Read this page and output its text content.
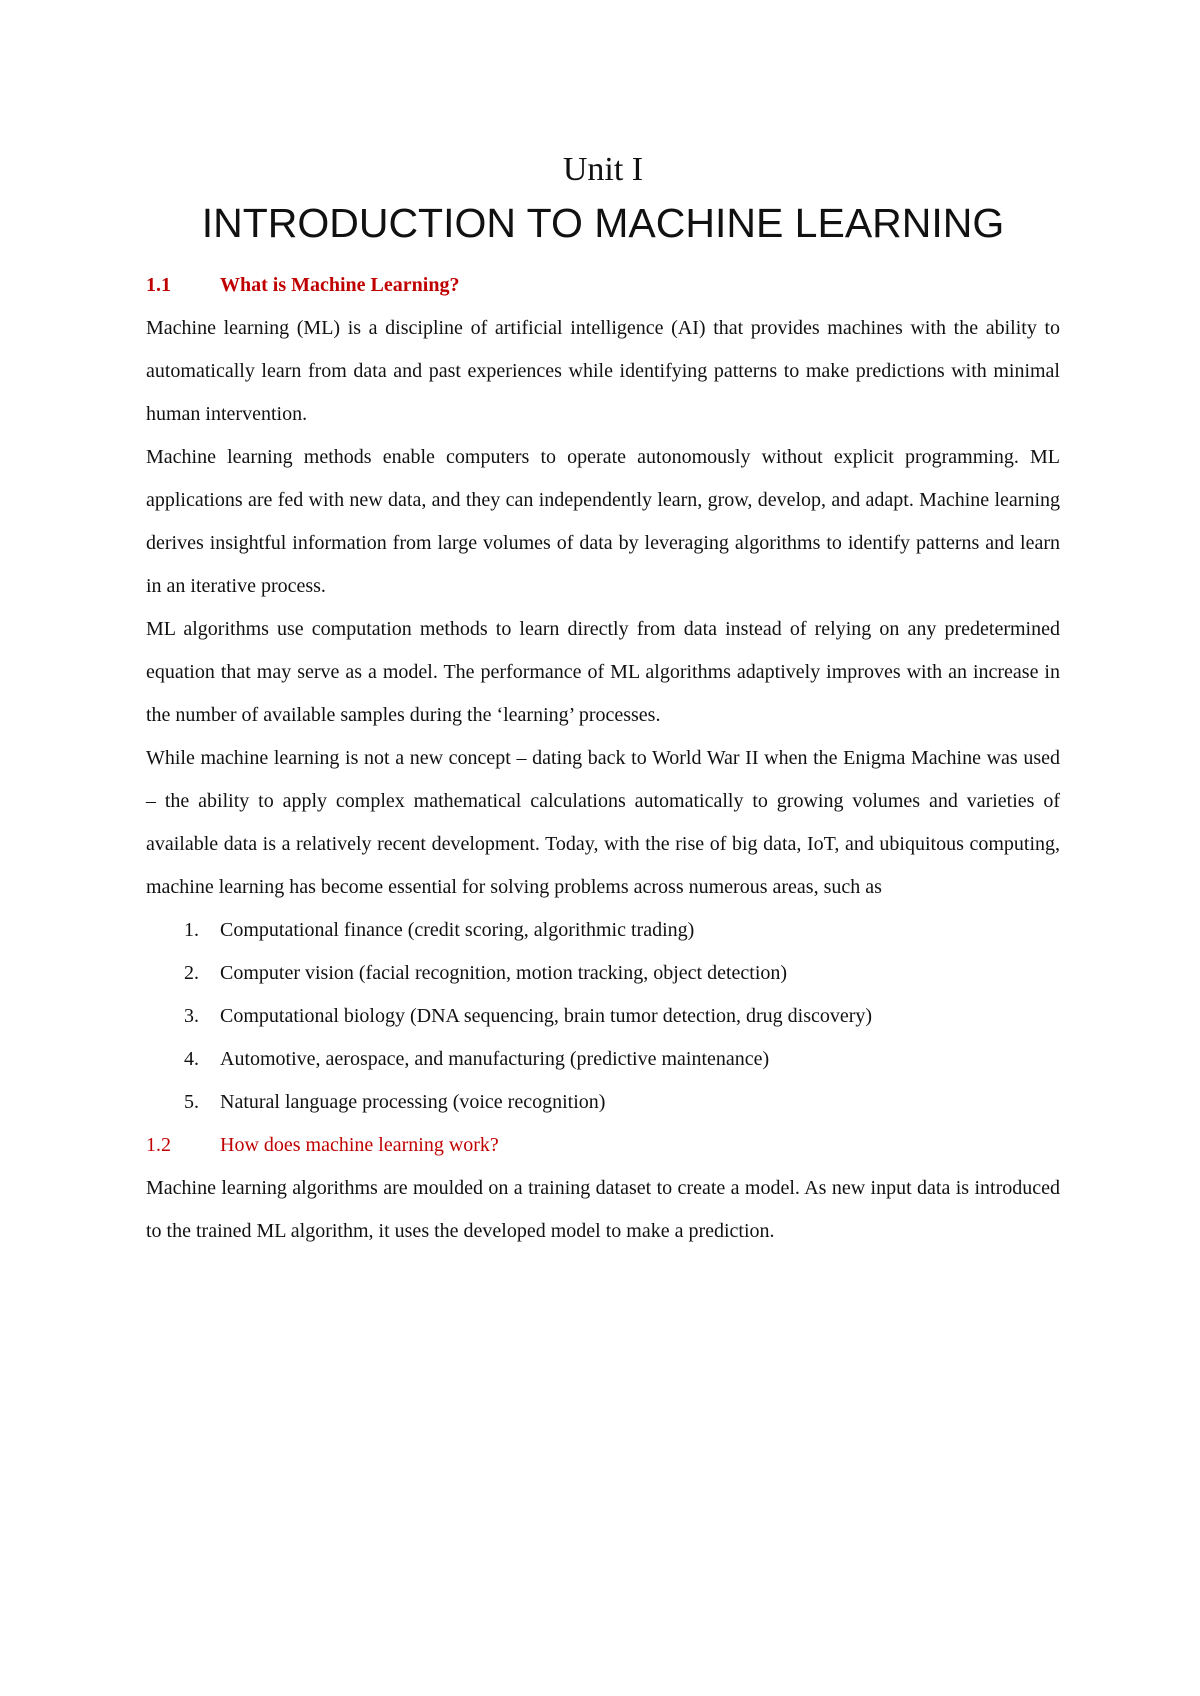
Unit I
INTRODUCTION TO MACHINE LEARNING
1.1	What is Machine Learning?

Machine learning (ML) is a discipline of artificial intelligence (AI) that provides machines with the ability to automatically learn from data and past experiences while identifying patterns to make predictions with minimal human intervention.

Machine learning methods enable computers to operate autonomously without explicit programming. ML applications are fed with new data, and they can independently learn, grow, develop, and adapt. Machine learning derives insightful information from large volumes of data by leveraging algorithms to identify patterns and learn in an iterative process.

ML algorithms use computation methods to learn directly from data instead of relying on any predetermined equation that may serve as a model. The performance of ML algorithms adaptively improves with an increase in the number of available samples during the ‘learning’ processes.

While machine learning is not a new concept – dating back to World War II when the Enigma Machine was used – the ability to apply complex mathematical calculations automatically to growing volumes and varieties of available data is a relatively recent development. Today, with the rise of big data, IoT, and ubiquitous computing, machine learning has become essential for solving problems across numerous areas, such as

1.	Computational finance (credit scoring, algorithmic trading)
2.	Computer vision (facial recognition, motion tracking, object detection)
3.	Computational biology (DNA sequencing, brain tumor detection, drug discovery)
4.	Automotive, aerospace, and manufacturing (predictive maintenance)
5.	Natural language processing (voice recognition)
1.2	How does machine learning work?

Machine learning algorithms are moulded on a training dataset to create a model. As new input data is introduced to the trained ML algorithm, it uses the developed model to make a prediction.
